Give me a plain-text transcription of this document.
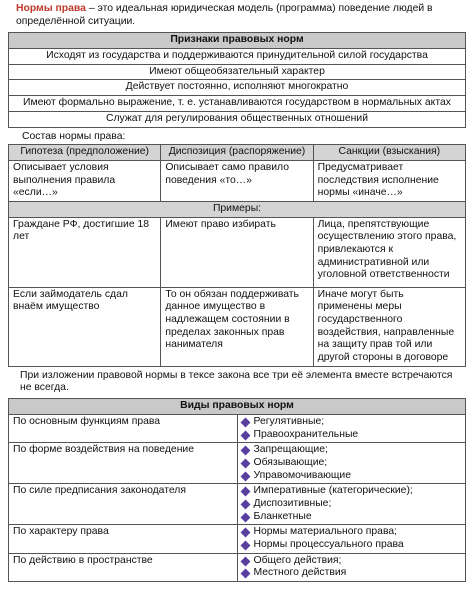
Нормы права – это идеальная юридическая модель (программа) поведение людей в определённой ситуации.
Признаки правовых норм
Исходят из государства и поддерживаются принудительной силой государства
Имеют общеобязательный характер
Действует постоянно, исполняют многократно
Имеют формально выражение, т. е. устанавливаются государством в нормальных актах
Служат для регулирования общественных отношений
Состав нормы права:
Гипотеза (предположение)	Диспозиция (распоряжение)	Санкции (взыскания)
Описывает условия выполнения правила «если…»	Описывает само правило поведения «то…»	Предусматривает последствия исполнение нормы «иначе…»
Примеры:		
Граждане РФ, достигшие 18 лет	Имеют право избирать	Лица, препятствующие осуществлению этого права, привлекаются к административной или уголовной ответственности
Если займодатель сдал внаём имущество	То он обязан поддерживать данное имущество в надлежащем состоянии в пределах законных прав нанимателя	Иначе могут быть применены меры государственного воздействия, направленные на защиту прав той или другой стороны в договоре
При изложении правовой нормы в тексе закона все три её элемента вместе встречаются не всегда.
Виды правовых норм	
По основным функциям права	Регулятивные;
Правоохранительные

По форме воздействия на поведение	Запрещающие;
Обязывающие;
Управомочивающие

По силе предписания законодателя	Императивные (категорические);
Диспозитивные;
Бланкетные

По характеру права	Нормы материального права;
Нормы процессуального права

По действию в пространстве	Общего действия;
Местного действия
